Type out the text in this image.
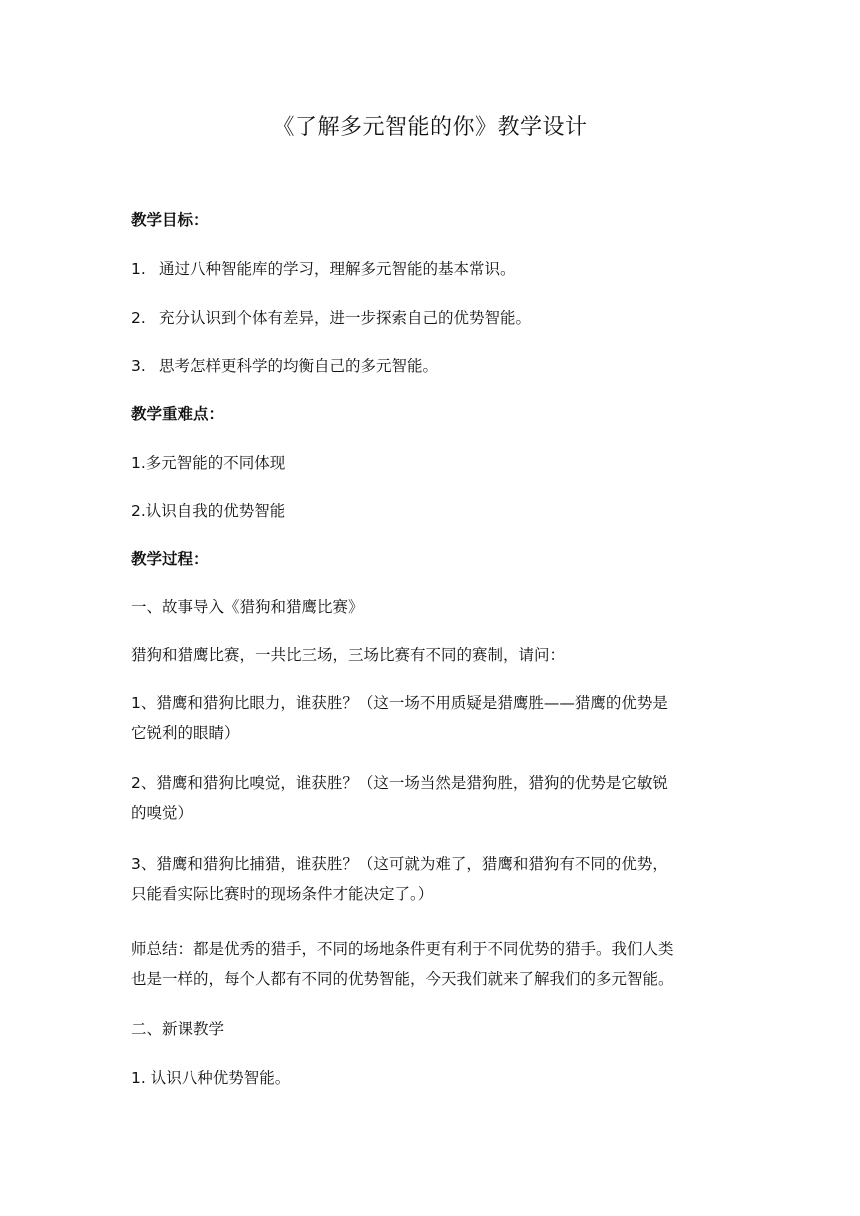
《了解多元智能的你》教学设计
教学目标：
1. 通过八种智能库的学习，理解多元智能的基本常识。
2. 充分认识到个体有差异，进一步探索自己的优势智能。
3. 思考怎样更科学的均衡自己的多元智能。
教学重难点：
1.多元智能的不同体现
2.认识自我的优势智能
教学过程：
一、故事导入《猎狗和猎鹰比赛》
猎狗和猎鹰比赛，一共比三场，三场比赛有不同的赛制，请问：
1、猎鹰和猎狗比眼力，谁获胜？（这一场不用质疑是猎鹰胜——猎鹰的优势是
它锐利的眼睛）
2、猎鹰和猎狗比嗅觉，谁获胜？（这一场当然是猎狗胜，猎狗的优势是它敏锐
的嗅觉）
3、猎鹰和猎狗比捕猎，谁获胜？（这可就为难了，猎鹰和猎狗有不同的优势，
只能看实际比赛时的现场条件才能决定了。）
师总结：都是优秀的猎手，不同的场地条件更有利于不同优势的猎手。我们人类
也是一样的，每个人都有不同的优势智能，今天我们就来了解我们的多元智能。
二、新课教学
1. 认识八种优势智能。
